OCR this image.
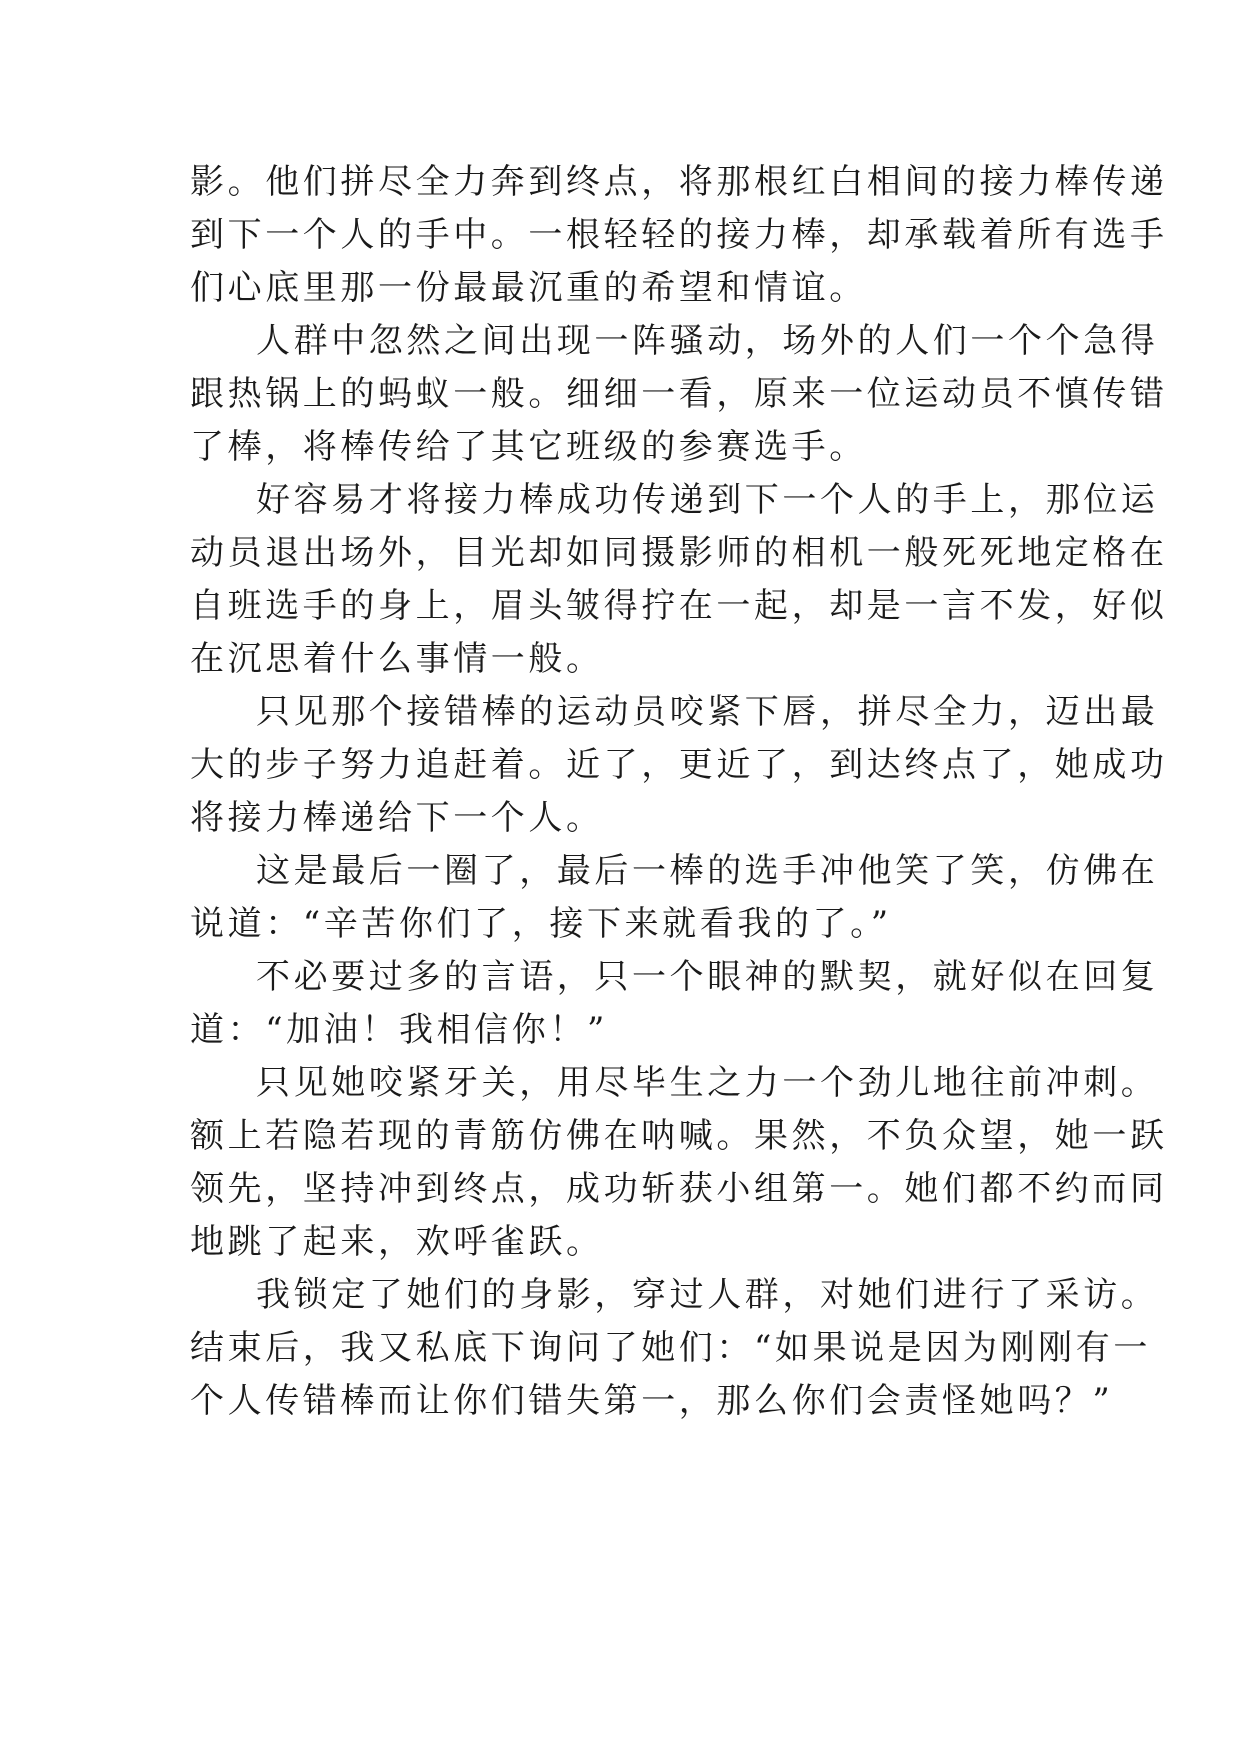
影。他们拼尽全力奔到终点，将那根红白相间的接力棒传递
到下一个人的手中。一根轻轻的接力棒，却承载着所有选手
们心底里那一份最最沉重的希望和情谊。
人群中忽然之间出现一阵骚动，场外的人们一个个急得
跟热锅上的蚂蚁一般。细细一看，原来一位运动员不慎传错
了棒，将棒传给了其它班级的参赛选手。
好容易才将接力棒成功传递到下一个人的手上，那位运
动员退出场外，目光却如同摄影师的相机一般死死地定格在
自班选手的身上，眉头皱得拧在一起，却是一言不发，好似
在沉思着什么事情一般。
只见那个接错棒的运动员咬紧下唇，拼尽全力，迈出最
大的步子努力追赶着。近了，更近了，到达终点了，她成功
将接力棒递给下一个人。
这是最后一圈了，最后一棒的选手冲他笑了笑，仿佛在
说道：“辛苦你们了，接下来就看我的了。”
不必要过多的言语，只一个眼神的默契，就好似在回复
道：“加油！我相信你！”
只见她咬紧牙关，用尽毕生之力一个劲儿地往前冲刺。
额上若隐若现的青筋仿佛在呐喊。果然，不负众望，她一跃
领先，坚持冲到终点，成功斩获小组第一。她们都不约而同
地跳了起来，欢呼雀跃。
我锁定了她们的身影，穿过人群，对她们进行了采访。
结束后，我又私底下询问了她们：“如果说是因为刚刚有一
个人传错棒而让你们错失第一，那么你们会责怪她吗？”
